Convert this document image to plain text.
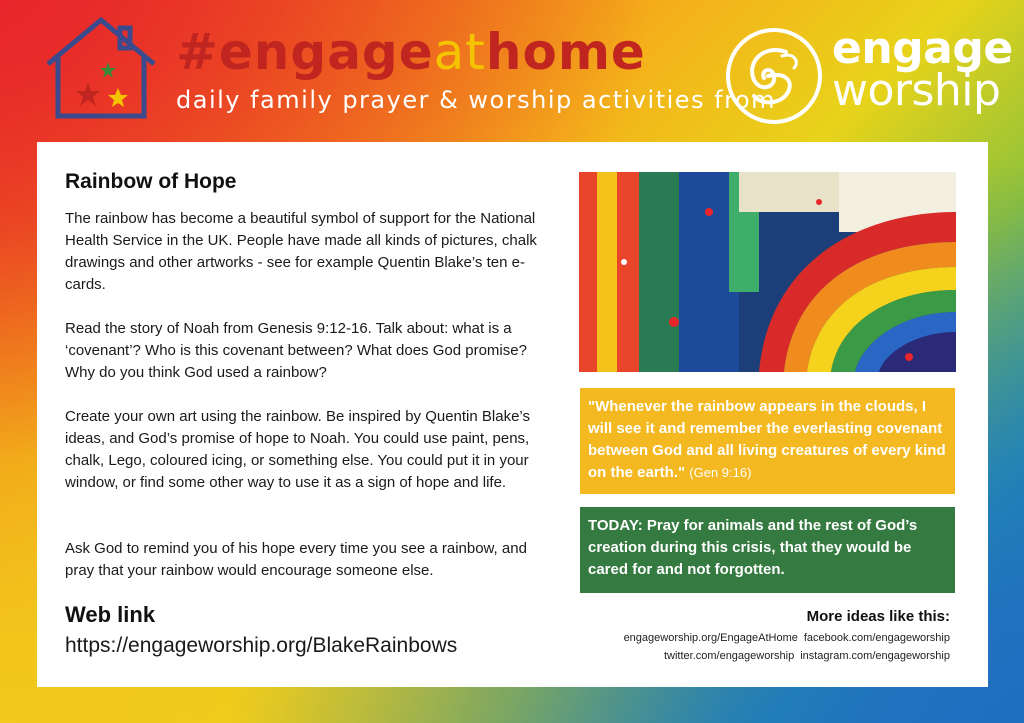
#engageathome
daily family prayer & worship activities from
engage
worship
Rainbow of Hope
The rainbow has become a beautiful symbol of support for the National Health Service in the UK. People have made all kinds of pictures, chalk drawings and other artworks - see for example Quentin Blake’s ten e-cards.
Read the story of Noah from Genesis 9:12-16. Talk about: what is a ‘covenant’? Who is this covenant between? What does God promise? Why do you think God used a rainbow?
Create your own art using the rainbow. Be inspired by Quentin Blake’s ideas, and God’s promise of hope to Noah. You could use paint, pens, chalk, Lego, coloured icing, or something else. You could put it in your window, or find some other way to use it as a sign of hope and life.
Ask God to remind you of his hope every time you see a rainbow, and pray that your rainbow would encourage someone else.
Web link
https://engageworship.org/BlakeRainbows
"Whenever the rainbow appears in the clouds, I will see it and remember the everlasting covenant between God and all living creatures of every kind on the earth." (Gen 9:16)
TODAY: Pray for animals and the rest of God’s creation during this crisis, that they would be cared for and not forgotten.
More ideas like this:
engageworship.org/EngageAtHome facebook.com/engageworship
twitter.com/engageworship instagram.com/engageworship
